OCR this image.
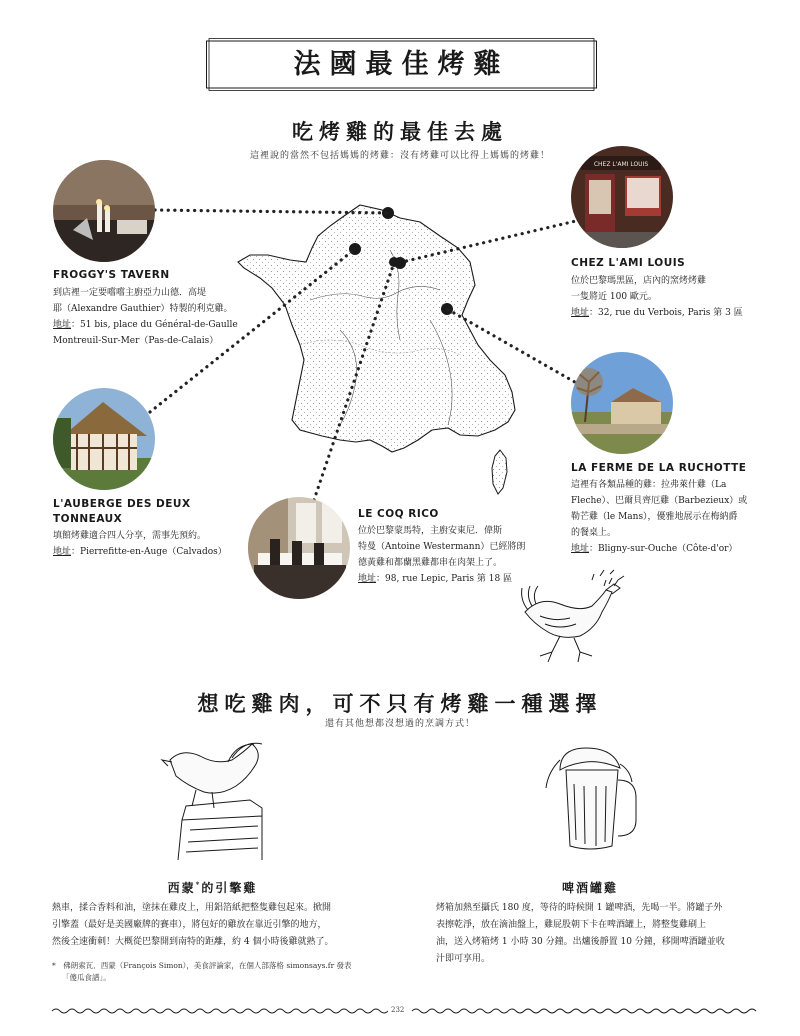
法國最佳烤雞
吃烤雞的最佳去處
這裡說的當然不包括媽媽的烤雞：沒有烤雞可以比得上媽媽的烤雞！
CHEZ L'AMI LOUIS
FROGGY'S TAVERN
到店裡一定要嚐嚐主廚亞力山德．高堤
耶（Alexandre Gauthier）特製的利克雞。
地址：51 bis, place du Général-de-Gaulle
Montreuil-Sur-Mer（Pas-de-Calais）
CHEZ L'AMI LOUIS
位於巴黎瑪黑區，店內的窯烤烤雞
一隻將近 100 歐元。
地址：32, rue du Verbois, Paris 第 3 區
L'AUBERGE DES DEUX
TONNEAUX
填館烤雞適合四人分享，需事先預約。
地址：Pierrefitte-en-Auge（Calvados）
LE COQ RICO
位於巴黎蒙馬特，主廚安東尼．偉斯
特曼（Antoine Westermann）已經將朗
德黃雞和都蘭黑雞都串在肉架上了。
地址：98, rue Lepic, Paris 第 18 區
LA FERME DE LA RUCHOTTE
這裡有各類品種的雞：拉弗萊什雞（La
Fleche）、巴爾貝齊厄雞（Barbezieux）或
勒芒雞（le Mans），優雅地展示在梅納爵
的餐桌上。
地址：Bligny-sur-Ouche（Côte-d'or）
想吃雞肉，可不只有烤雞一種選擇
還有其他想都沒想過的烹調方式！
西蒙*的引擎雞
熱車，揉合香料和油，塗抹在雞皮上，用鋁箔紙把整隻雞包起來。掀開
引擎蓋（最好是美國廠牌的賽車），將包好的雞放在靠近引擎的地方，
然後全速衝刺！大概從巴黎開到南特的距離，約 4 個小時後雞就熟了。
啤酒罐雞
烤箱加熱至攝氏 180 度，等待的時候開 1 罐啤酒，先喝一半。將罐子外
表擦乾淨，放在滴油盤上，雞屁股朝下卡在啤酒罐上，將整隻雞刷上
油，送入烤箱烤 1 小時 30 分鐘。出爐後靜置 10 分鐘，移開啤酒罐並收
汁即可享用。
*　佛朗索瓦．西蒙（François Simon），美食評論家，在個人部落格 simonsays.fr 發表
「傻瓜食譜」。
232
